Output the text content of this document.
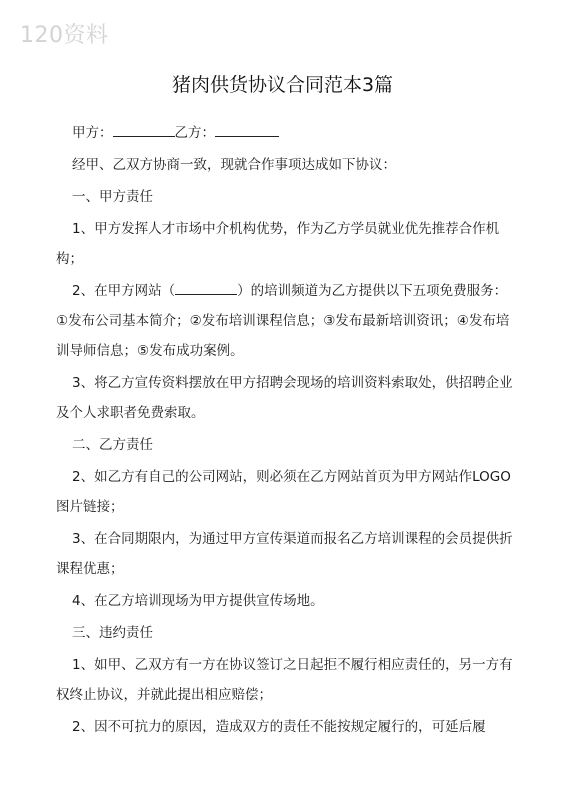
120资料
猪肉供货协议合同范本3篇
甲方：	乙方：

经甲、乙双方协商一致，现就合作事项达成如下协议：

一、甲方责任

1、甲方发挥人才市场中介机构优势，作为乙方学员就业优先推荐合作机构；

2、在甲方网站（	）的培训频道为乙方提供以下五项免费服务：①发布公司基本简介；②发布培训课程信息；③发布最新培训资讯；④发布培训导师信息；⑤发布成功案例。

3、将乙方宣传资料摆放在甲方招聘会现场的培训资料索取处，供招聘企业及个人求职者免费索取。

二、乙方责任

2、如乙方有自己的公司网站，则必须在乙方网站首页为甲方网站作LOGO图片链接；

3、在合同期限内，为通过甲方宣传渠道而报名乙方培训课程的会员提供折课程优惠；

4、在乙方培训现场为甲方提供宣传场地。

三、违约责任

1、如甲、乙双方有一方在协议签订之日起拒不履行相应责任的，另一方有权终止协议，并就此提出相应赔偿；

2、因不可抗力的原因，造成双方的责任不能按规定履行的，可延后履
